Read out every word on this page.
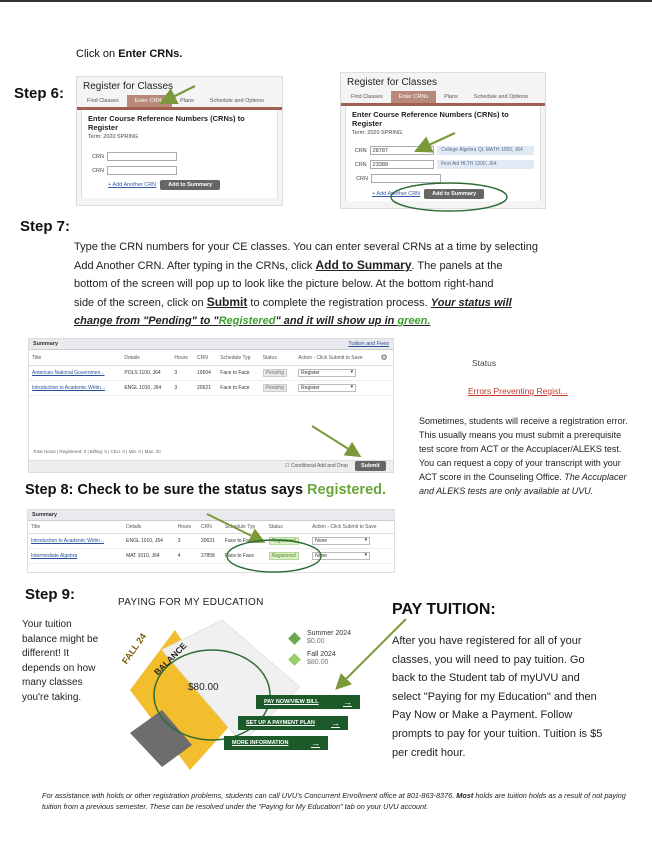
Click on Enter CRNs.
Step 6:	Register for Classes
Find Classes	Enter CRNs	Plans	Schedule and Options
Enter Course Reference Numbers (CRNs) to Register
Term: 2020 SPRING
CRN
CRN
+ Add Another CRN	Add to Summary
Register for Classes
Find Classes	Enter CRNs	Plans	Schedule and Options
Enter Course Reference Numbers (CRNs) to Register
Term: 2020 SPRING
CRN	28787	College Algebra QL MATH 1050, J64
CRN	23389	First Aid HLTH 1200, J64
CRN
+ Add Another CRN	Add to Summary
Step 7:
Type the CRN numbers for your CE classes. You can enter several CRNs at a time by selecting
Add Another CRN. After typing in the CRNs, click Add to Summary. The panels at the
bottom of the screen will pop up to look like the picture below. At the bottom right-hand
side of the screen, click on Submit to complete the registration process. Your status will
change from "Pending" to "Registered" and it will show up in green.
Summary	Tuition and Fees
Title	Details	Hours	CRN	Schedule Typ	Status	Action - Click Submit to Save	⚙
American National Governmen...	POLS 1100, J64	3	19504	Face to Face	Pending	Register ▾
Introduction to Academic Writin...	ENGL 1010, J64	3	20621	Face to Face	Pending	Register ▾
Total Hours | Registered: 0 | Billing: 0 | CEU: 0 | Min: 0 | Max: 20
☐ Conditional Add and Drop	Submit
Status
Errors Preventing Regist...
Sometimes, students will receive a registration error. This usually means you must submit a prerequisite test score from ACT or the Accuplacer/ALEKS test. You can request a copy of your transcript with your ACT score in the Counseling Office. The Accuplacer and ALEKS tests are only available at UVU.
Step 8: Check to be sure the status says Registered.
Summary
Title	Details	Hours	CRN	Schedule Typ	Status	Action - Click Submit to Save
Introduction to Academic Writin...	ENGL 1010, J64	3	20631	Face to Face	Registered	None ▾
Intermediate Algebra	MAT 1010, J64	4	27858	Face to Face	Registered	None ▾
Step 9:
Your tuition balance might be different! It depends on how many classes you're taking.
PAYING FOR MY EDUCATION
FALL 24 BALANCE
$80.00
Summer 2024
$0.00
Fall 2024
$80.00
PAY NOW/VIEW BILL	→
SET UP A PAYMENT PLAN →
MORE INFORMATION	→
PAY TUITION:
After you have registered for all of your classes, you will need to pay tuition. Go back to the Student tab of myUVU and select "Paying for my Education" and then Pay Now or Make a Payment. Follow prompts to pay for your tuition. Tuition is $5 per credit hour.
For assistance with holds or other registration problems, students can call UVU's Concurrent Enrollment office at 801-863-8376. Most holds are tuition holds as a result of not paying tuition from a previous semester. These can be resolved under the "Paying for My Education" tab on your UVU account.
